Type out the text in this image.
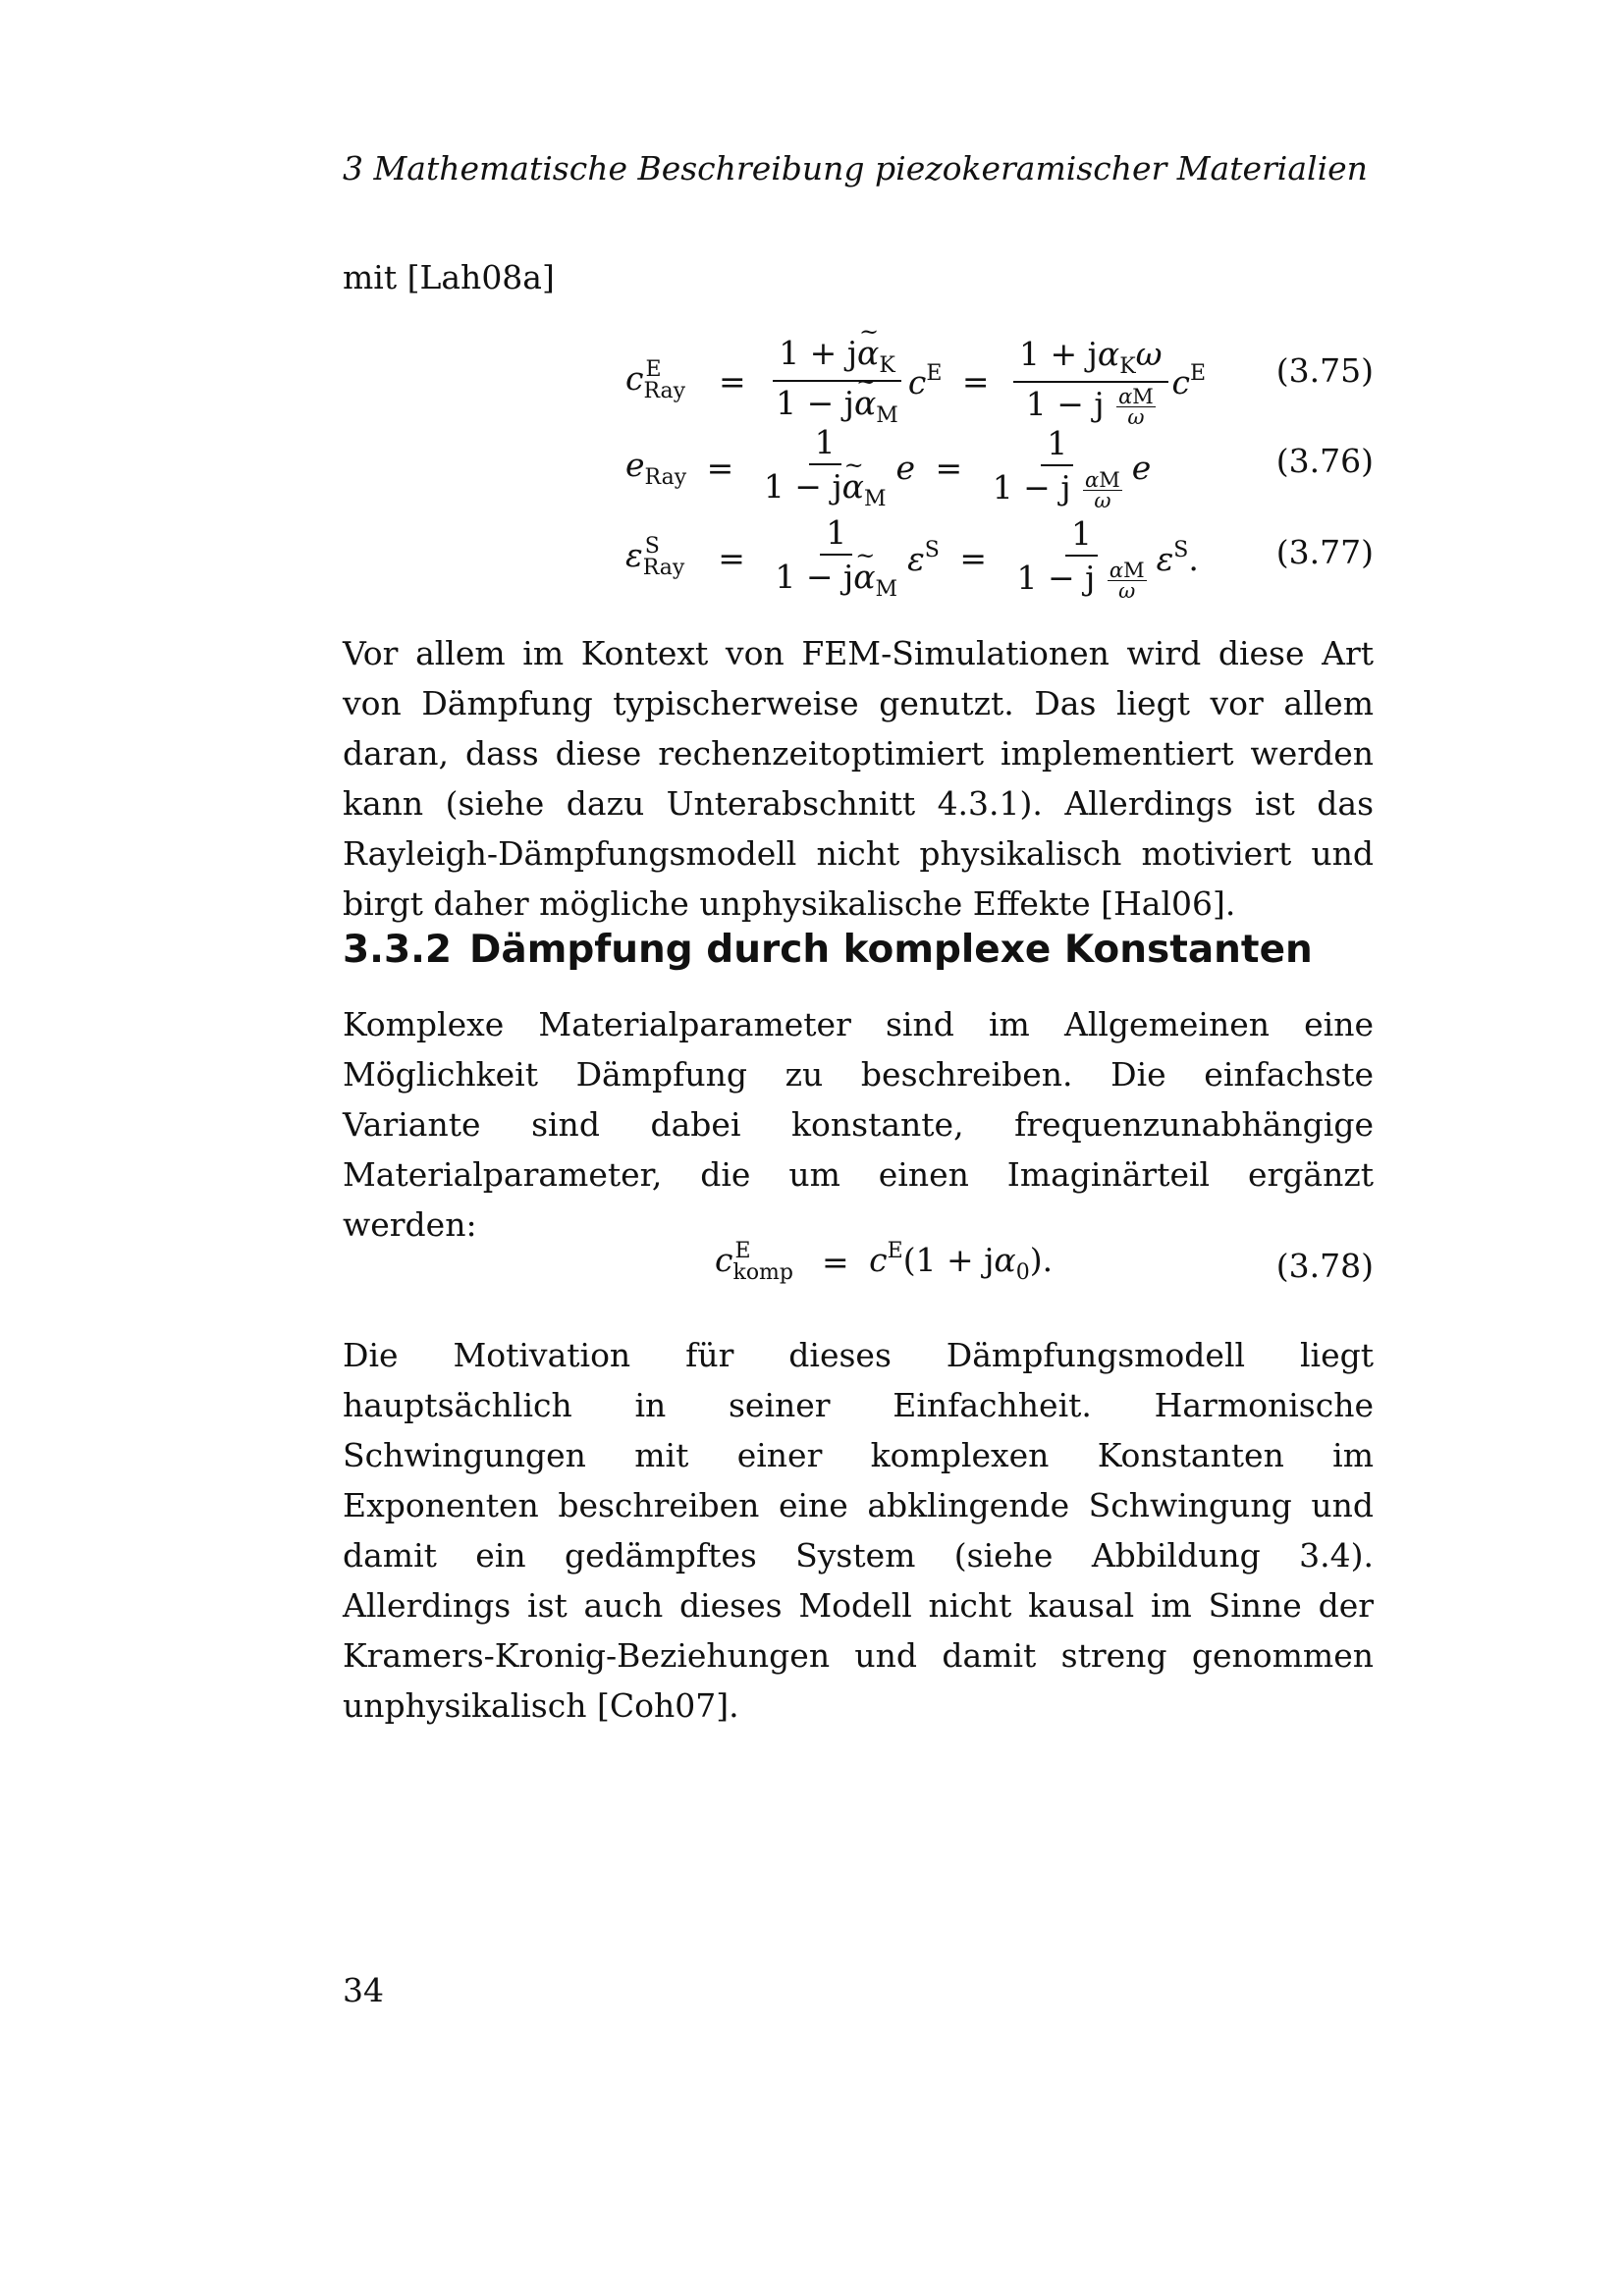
3 Mathematische Beschreibung piezokeramischer Materialien
mit [Lah08a]
c E
Ray = $\frac{1 + j\sim \alpha_K}{1 - j\sim \alpha_M} c^E = \frac{1 + j\alpha_K\omega}{1 - j \frac{\alpha M}{\omega}} c^E$ (3.75)
$e_{Ray} = \frac{1}{1 - j\sim \alpha_M}$ $e = \frac{1}{1 - j \frac{\alpha M}{\omega}}$ e	(3.76)
ε S
Ray = $\frac{1}{1 - j\sim \alpha_M} \varepsilon^S = \frac{1}{1 - j \frac{\alpha M}{\omega}} \varepsilon^S$. (3.77)

Vor allem im Kontext von FEM-Simulationen wird diese Art von Dämpfung typischerweise genutzt. Das liegt vor allem daran, dass diese rechenzeitoptimiert implementiert werden kann (siehe dazu Unterabschnitt 4.3.1). Allerdings ist das Rayleigh-Dämpfungsmodell nicht physikalisch motiviert und birgt daher mögliche unphysikalische Effekte [Hal06].

3.3.2 Dämpfung durch komplexe Konstanten

Komplexe Materialparameter sind im Allgemeinen eine Möglichkeit Dämpfung zu beschreiben. Die einfachste Variante sind dabei konstante, frequenzunabhängige Materialparameter, die um einen Imaginärteil ergänzt werden:

c E
komp = $c^E(1 + j\alpha_0)$.	(3.78)

Die Motivation für dieses Dämpfungsmodell liegt hauptsächlich in seiner Einfachheit. Harmonische Schwingungen mit einer komplexen Konstanten im Exponenten beschreiben eine abklingende Schwingung und damit ein gedämpftes System (siehe Abbildung 3.4). Allerdings ist auch dieses Modell nicht kausal im Sinne der Kramers-Kronig-Beziehungen und damit streng genommen unphysikalisch [Coh07].

34
